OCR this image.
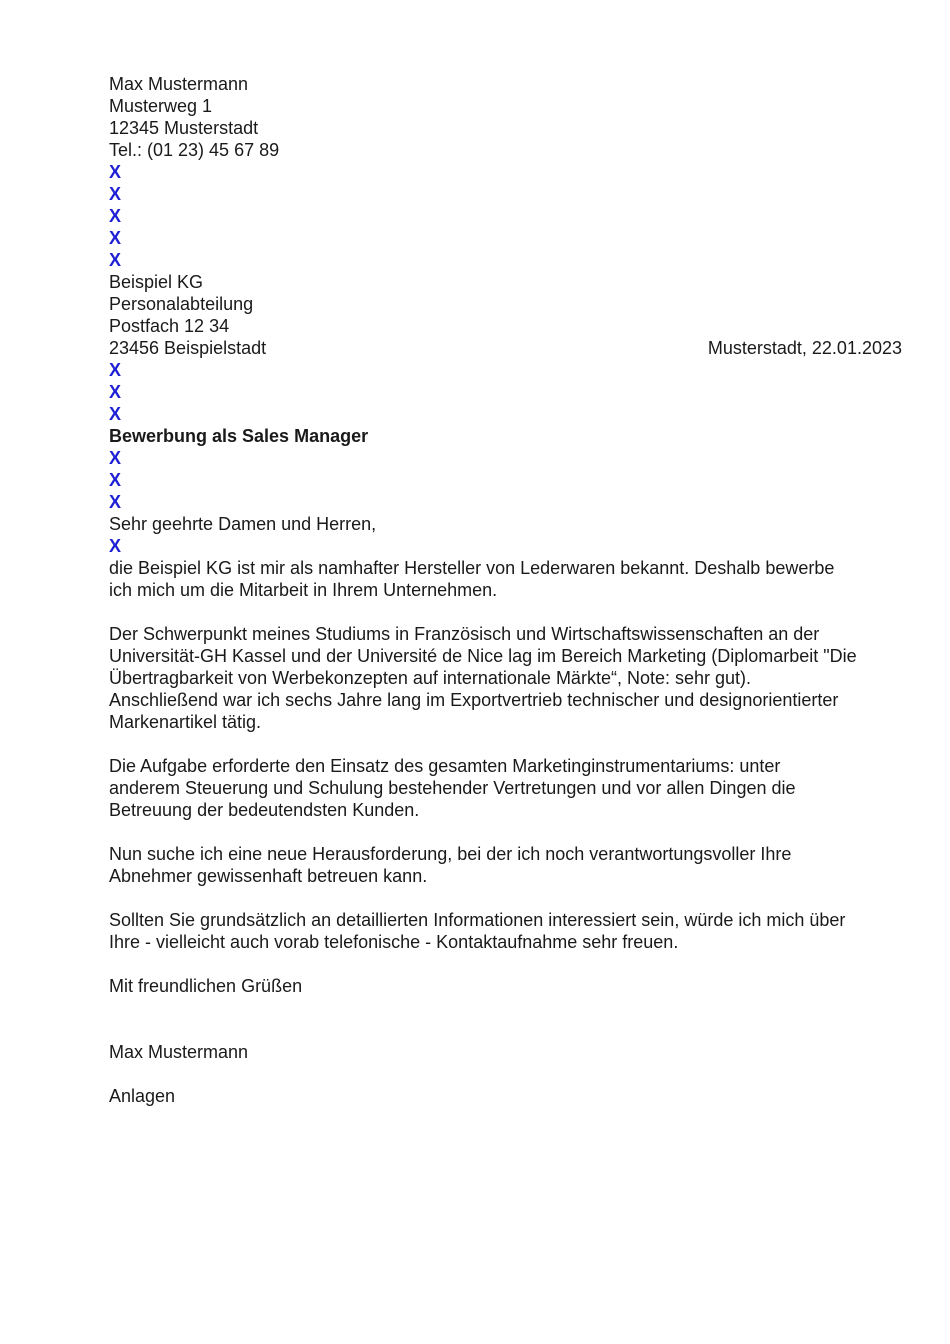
Max Mustermann
Musterweg 1
12345 Musterstadt
Tel.: (01 23) 45 67 89
X
X
X
X
X
Beispiel KG
Personalabteilung
Postfach 12 34
23456 Beispielstadt	Musterstadt, 22.01.2023
X
X
X
Bewerbung als Sales Manager
X
X
X
Sehr geehrte Damen und Herren,
X

die Beispiel KG ist mir als namhafter Hersteller von Lederwaren bekannt. Deshalb bewerbe
ich mich um die Mitarbeit in Ihrem Unternehmen.

Der Schwerpunkt meines Studiums in Französisch und Wirtschaftswissenschaften an der
Universität-GH Kassel und der Université de Nice lag im Bereich Marketing (Diplomarbeit "Die
Übertragbarkeit von Werbekonzepten auf internationale Märkte“, Note: sehr gut).
Anschließend war ich sechs Jahre lang im Exportvertrieb technischer und designorientierter
Markenartikel tätig.

Die Aufgabe erforderte den Einsatz des gesamten Marketinginstrumentariums: unter
anderem Steuerung und Schulung bestehender Vertretungen und vor allen Dingen die
Betreuung der bedeutendsten Kunden.

Nun suche ich eine neue Herausforderung, bei der ich noch verantwortungsvoller Ihre
Abnehmer gewissenhaft betreuen kann.

Sollten Sie grundsätzlich an detaillierten Informationen interessiert sein, würde ich mich über
Ihre - vielleicht auch vorab telefonische - Kontaktaufnahme sehr freuen.

Mit freundlichen Grüßen
Max Mustermann
Anlagen
